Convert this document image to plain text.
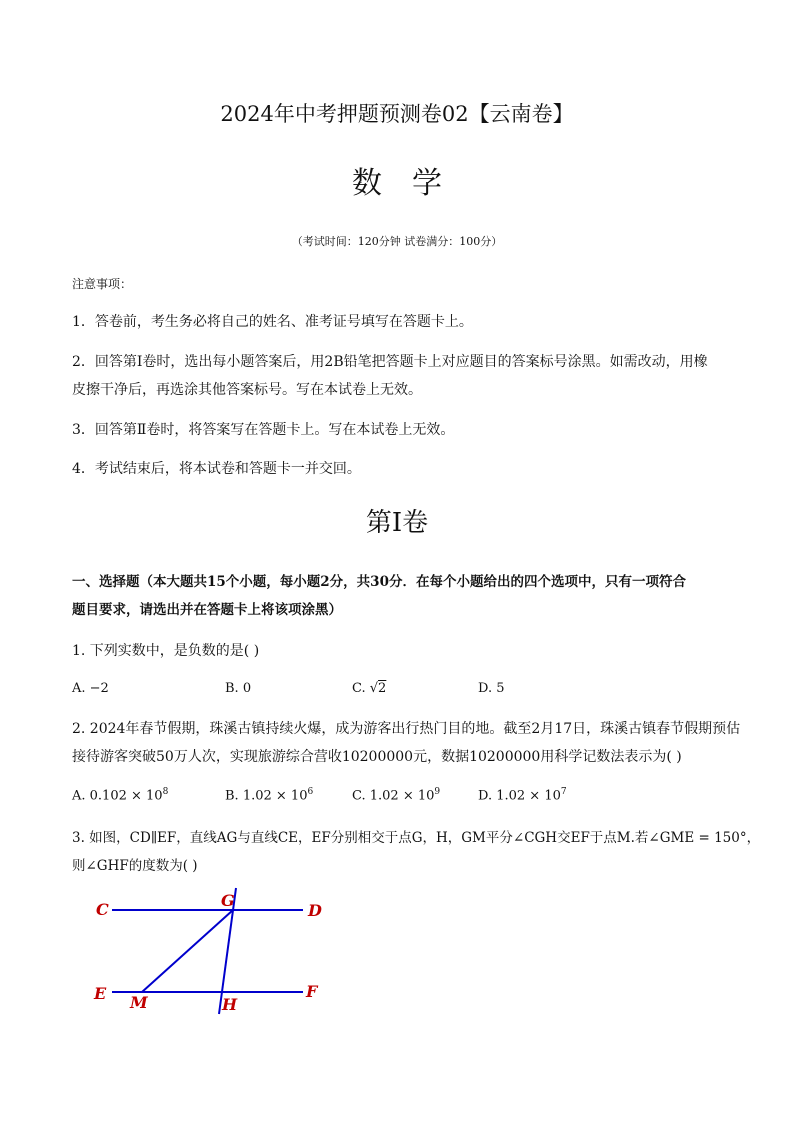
2024年中考押题预测卷02【云南卷】
数学
（考试时间：120分钟 试卷满分：100分）
注意事项：
1．答卷前，考生务必将自己的姓名、准考证号填写在答题卡上。
2．回答第Ⅰ卷时，选出每小题答案后，用2B铅笔把答题卡上对应题目的答案标号涂黑。如需改动，用橡
皮擦干净后，再选涂其他答案标号。写在本试卷上无效。
3．回答第Ⅱ卷时，将答案写在答题卡上。写在本试卷上无效。
4．考试结束后，将本试卷和答题卡一并交回。
第Ⅰ卷
一、选择题（本大题共15个小题，每小题2分，共30分．在每个小题给出的四个选项中，只有一项符合
题目要求，请选出并在答题卡上将该项涂黑）
1. 下列实数中，是负数的是( )
A. −2	B. 0	C. √2	D. 5
2. 2024年春节假期，珠溪古镇持续火爆，成为游客出行热门目的地。截至2月17日，珠溪古镇春节假期预估
接待游客突破50万人次，实现旅游综合营收10200000元，数据10200000用科学记数法表示为( )
A. $0.102 \times 10^8$	B. $1.02 \times 10^6$	C. $1.02 \times 10^9$	D. $1.02 \times 10^7$
3. 如图，CD∥EF，直线AG与直线CE，EF分别相交于点G，H，GM平分∠CGH交EF于点M.若∠GME = 150°，
则∠GHF的度数为( )
C	D
G
E M	H
F
